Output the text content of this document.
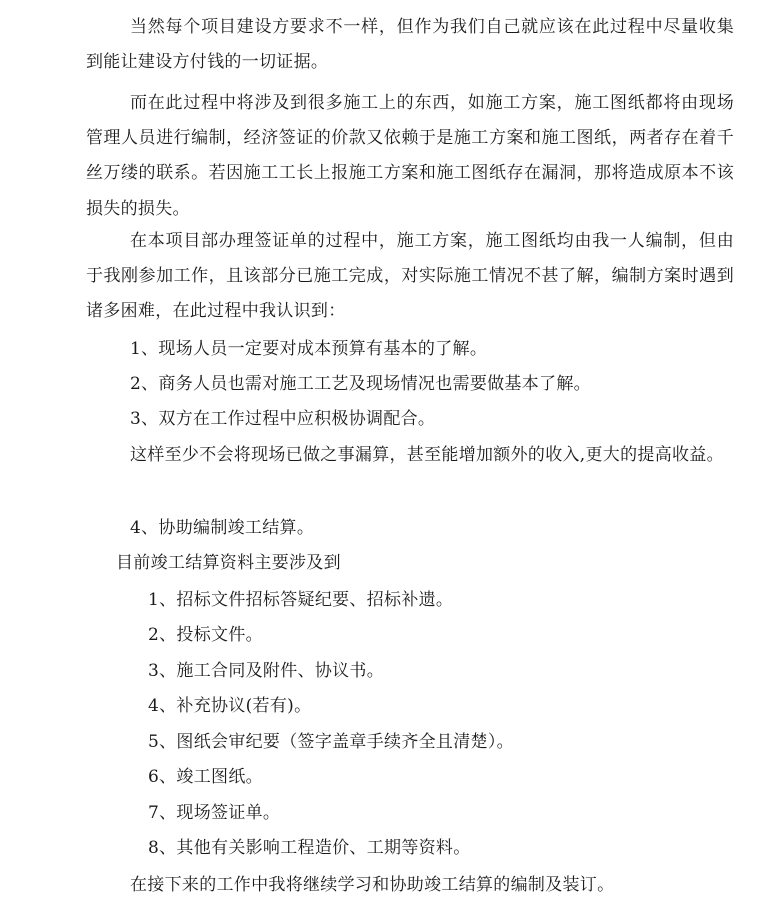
当然每个项目建设方要求不一样，但作为我们自己就应该在此过程中尽量收集到能让建设方付钱的一切证据。

而在此过程中将涉及到很多施工上的东西，如施工方案，施工图纸都将由现场管理人员进行编制，经济签证的价款又依赖于是施工方案和施工图纸，两者存在着千丝万缕的联系。若因施工工长上报施工方案和施工图纸存在漏洞，那将造成原本不该损失的损失。

在本项目部办理签证单的过程中，施工方案，施工图纸均由我一人编制，但由于我刚参加工作，且该部分已施工完成，对实际施工情况不甚了解，编制方案时遇到诸多困难，在此过程中我认识到：

1、现场人员一定要对成本预算有基本的了解。

2、商务人员也需对施工工艺及现场情况也需要做基本了解。

3、双方在工作过程中应积极协调配合。

这样至少不会将现场已做之事漏算，甚至能增加额外的收入,更大的提高收益。

4、协助编制竣工结算。

目前竣工结算资料主要涉及到

1、招标文件招标答疑纪要、招标补遗。

2、投标文件。

3、施工合同及附件、协议书。

4、补充协议(若有)。

5、图纸会审纪要（签字盖章手续齐全且清楚）。

6、竣工图纸。

7、现场签证单。

8、其他有关影响工程造价、工期等资料。

在接下来的工作中我将继续学习和协助竣工结算的编制及装订。
